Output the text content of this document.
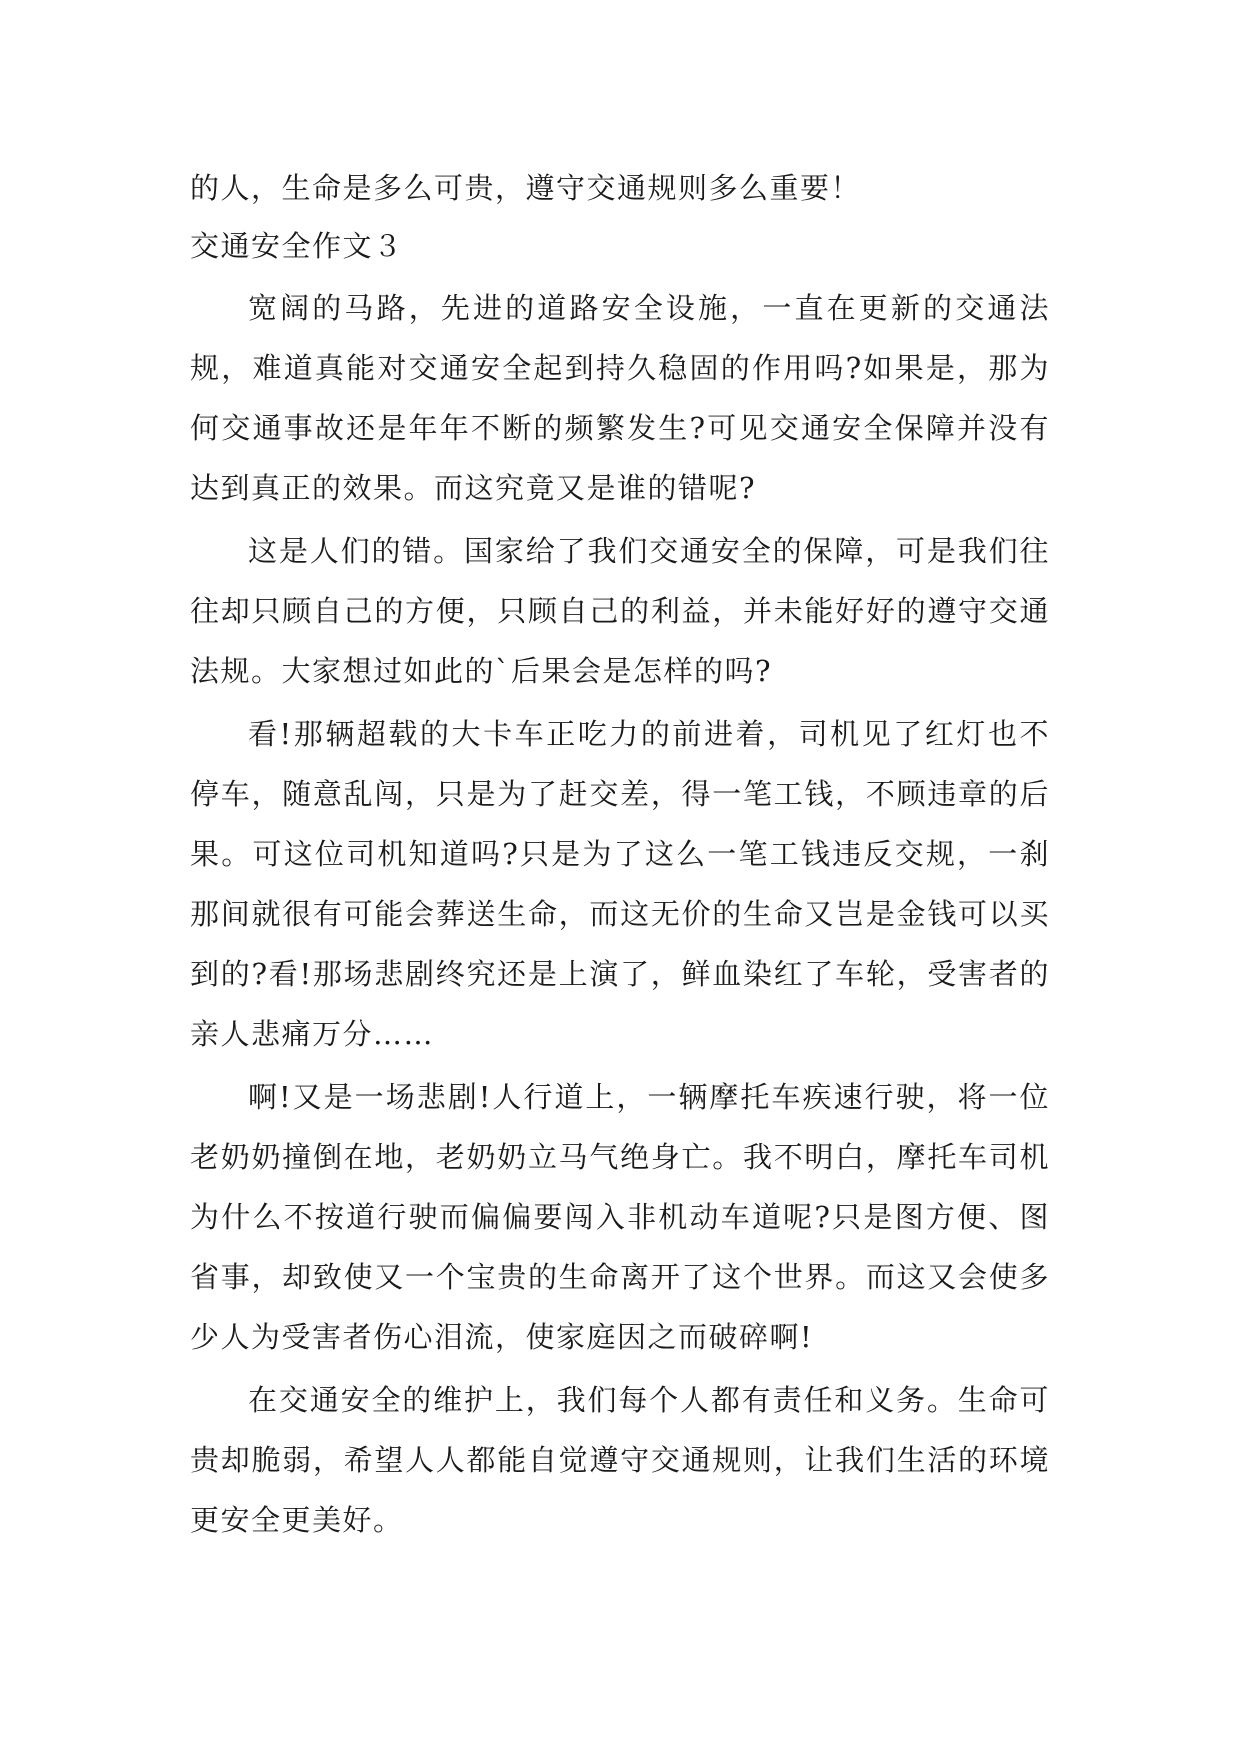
的人，生命是多么可贵，遵守交通规则多么重要！

交通安全作文３

宽阔的马路，先进的道路安全设施，一直在更新的交通法规，难道真能对交通安全起到持久稳固的作用吗?如果是，那为何交通事故还是年年不断的频繁发生?可见交通安全保障并没有达到真正的效果。而这究竟又是谁的错呢?

这是人们的错。国家给了我们交通安全的保障，可是我们往往却只顾自己的方便，只顾自己的利益，并未能好好的遵守交通法规。大家想过如此的`后果会是怎样的吗?

看!那辆超载的大卡车正吃力的前进着，司机见了红灯也不停车，随意乱闯，只是为了赶交差，得一笔工钱，不顾违章的后果。可这位司机知道吗?只是为了这么一笔工钱违反交规，一刹那间就很有可能会葬送生命，而这无价的生命又岂是金钱可以买到的?看!那场悲剧终究还是上演了，鲜血染红了车轮，受害者的亲人悲痛万分……

啊!又是一场悲剧!人行道上，一辆摩托车疾速行驶，将一位老奶奶撞倒在地，老奶奶立马气绝身亡。我不明白，摩托车司机为什么不按道行驶而偏偏要闯入非机动车道呢?只是图方便、图省事，却致使又一个宝贵的生命离开了这个世界。而这又会使多少人为受害者伤心泪流，使家庭因之而破碎啊!

在交通安全的维护上，我们每个人都有责任和义务。生命可贵却脆弱，希望人人都能自觉遵守交通规则，让我们生活的环境更安全更美好。
